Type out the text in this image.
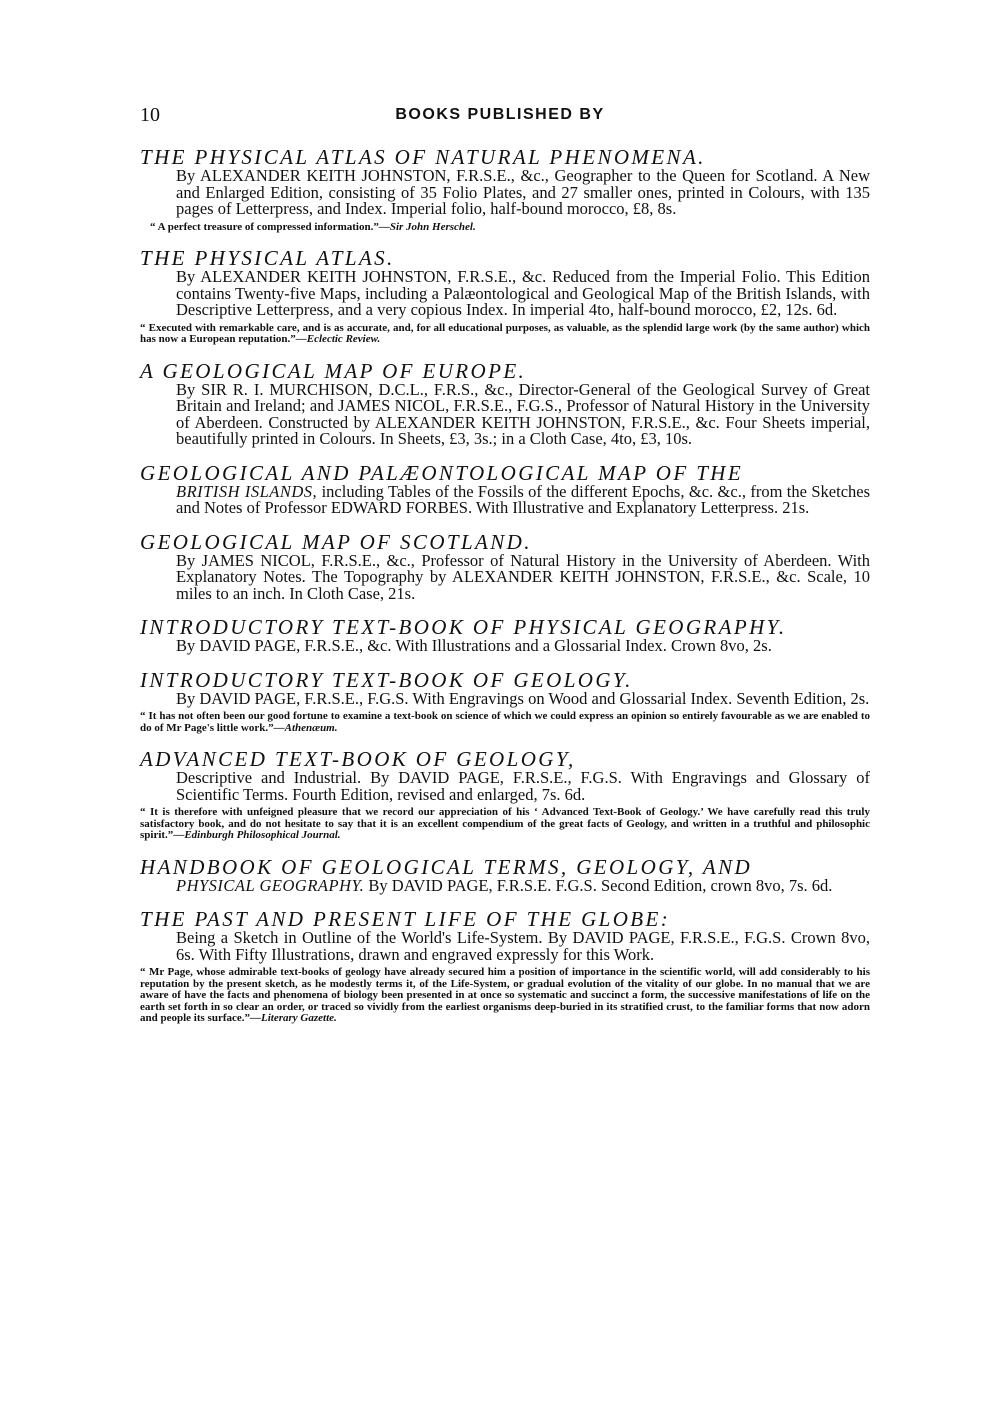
10	BOOKS PUBLISHED BY
THE PHYSICAL ATLAS OF NATURAL PHENOMENA.

By ALEXANDER KEITH JOHNSTON, F.R.S.E., &c., Geographer to the Queen for Scotland. A New and Enlarged Edition, consisting of 35 Folio Plates, and 27 smaller ones, printed in Colours, with 135 pages of Letterpress, and Index. Imperial folio, half-bound morocco, £8, 8s.

“ A perfect treasure of compressed information.”—Sir John Herschel.

THE PHYSICAL ATLAS.

By ALEXANDER KEITH JOHNSTON, F.R.S.E., &c. Reduced from the Imperial Folio. This Edition contains Twenty-five Maps, including a Palæontological and Geological Map of the British Islands, with Descriptive Letterpress, and a very copious Index. In imperial 4to, half-bound morocco, £2, 12s. 6d.

“ Executed with remarkable care, and is as accurate, and, for all educational purposes, as valuable, as the splendid large work (by the same author) which has now a European reputation.”—Eclectic Review.

A GEOLOGICAL MAP OF EUROPE.

By SIR R. I. MURCHISON, D.C.L., F.R.S., &c., Director-General of the Geological Survey of Great Britain and Ireland; and JAMES NICOL, F.R.S.E., F.G.S., Professor of Natural History in the University of Aberdeen. Constructed by ALEXANDER KEITH JOHNSTON, F.R.S.E., &c. Four Sheets imperial, beautifully printed in Colours. In Sheets, £3, 3s.; in a Cloth Case, 4to, £3, 10s.

GEOLOGICAL AND PALÆONTOLOGICAL MAP OF THE

BRITISH ISLANDS, including Tables of the Fossils of the different Epochs, &c. &c., from the Sketches and Notes of Professor EDWARD FORBES. With Illustrative and Explanatory Letterpress. 21s.

GEOLOGICAL MAP OF SCOTLAND.

By JAMES NICOL, F.R.S.E., &c., Professor of Natural History in the University of Aberdeen. With Explanatory Notes. The Topography by ALEXANDER KEITH JOHNSTON, F.R.S.E., &c. Scale, 10 miles to an inch. In Cloth Case, 21s.

INTRODUCTORY TEXT-BOOK OF PHYSICAL GEOGRAPHY.

By DAVID PAGE, F.R.S.E., &c. With Illustrations and a Glossarial Index. Crown 8vo, 2s.

INTRODUCTORY TEXT-BOOK OF GEOLOGY.

By DAVID PAGE, F.R.S.E., F.G.S. With Engravings on Wood and Glossarial Index. Seventh Edition, 2s.

“ It has not often been our good fortune to examine a text-book on science of which we could express an opinion so entirely favourable as we are enabled to do of Mr Page's little work.”—Athenæum.

ADVANCED TEXT-BOOK OF GEOLOGY,

Descriptive and Industrial. By DAVID PAGE, F.R.S.E., F.G.S. With Engravings and Glossary of Scientific Terms. Fourth Edition, revised and enlarged, 7s. 6d.

“ It is therefore with unfeigned pleasure that we record our appreciation of his ‘ Advanced Text-Book of Geology.’ We have carefully read this truly satisfactory book, and do not hesitate to say that it is an excellent compendium of the great facts of Geology, and written in a truthful and philosophic spirit.”—Edinburgh Philosophical Journal.

HANDBOOK OF GEOLOGICAL TERMS, GEOLOGY, AND

PHYSICAL GEOGRAPHY. By DAVID PAGE, F.R.S.E. F.G.S. Second Edition, crown 8vo, 7s. 6d.

THE PAST AND PRESENT LIFE OF THE GLOBE:

Being a Sketch in Outline of the World's Life-System. By DAVID PAGE, F.R.S.E., F.G.S. Crown 8vo, 6s. With Fifty Illustrations, drawn and engraved expressly for this Work.

“ Mr Page, whose admirable text-books of geology have already secured him a position of importance in the scientific world, will add considerably to his reputation by the present sketch, as he modestly terms it, of the Life-System, or gradual evolution of the vitality of our globe. In no manual that we are aware of have the facts and phenomena of biology been presented in at once so systematic and succinct a form, the successive manifestations of life on the earth set forth in so clear an order, or traced so vividly from the earliest organisms deep-buried in its stratified crust, to the familiar forms that now adorn and people its surface.”—Literary Gazette.
